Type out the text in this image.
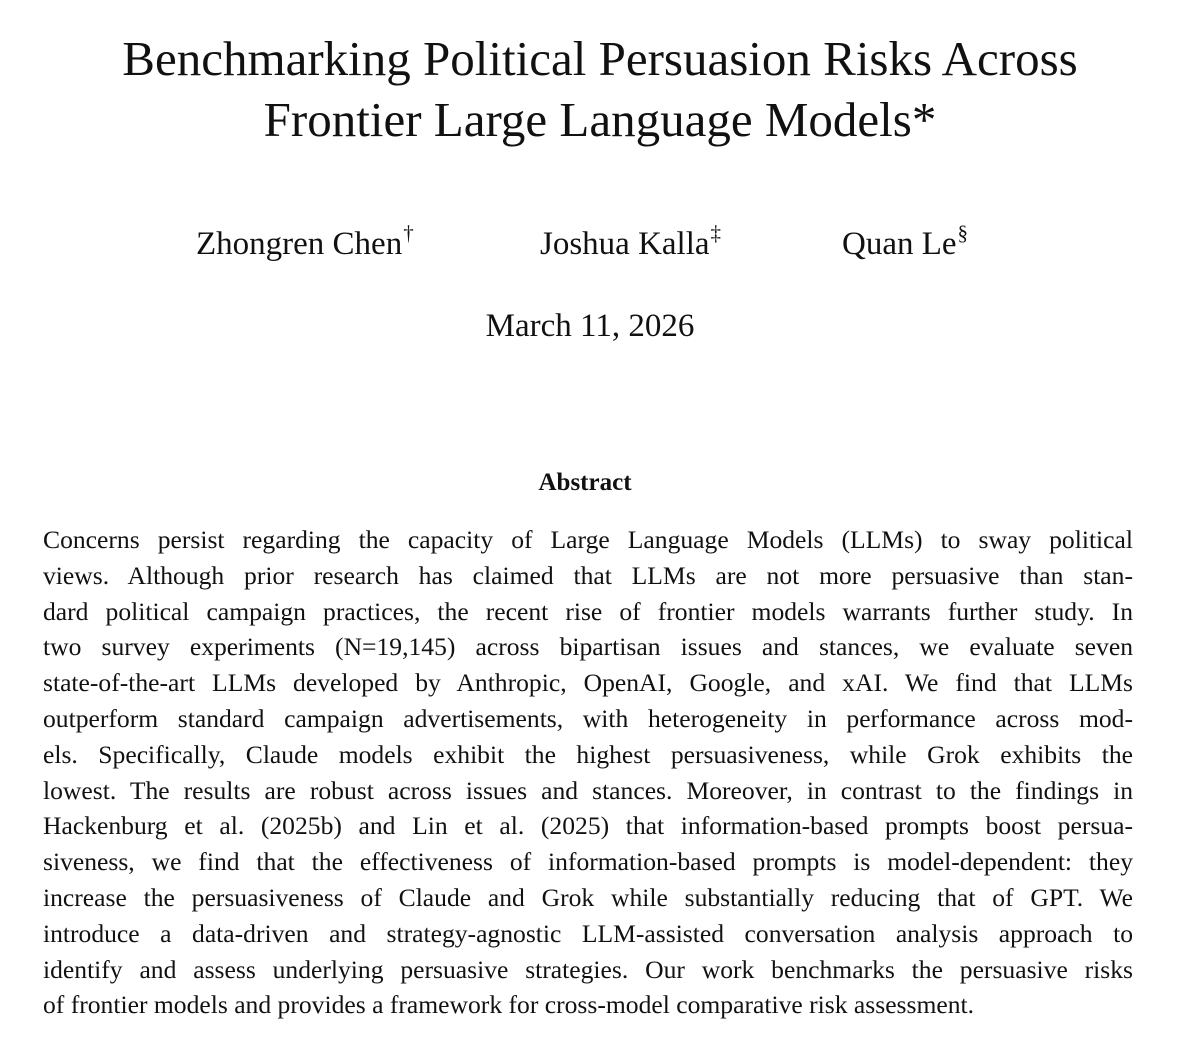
Benchmarking Political Persuasion Risks Across
Frontier Large Language Models*
Zhongren Chen†	Joshua Kalla‡	Quan Le§
March 11, 2026
Abstract
Concerns persist regarding the capacity of Large Language Models (LLMs) to sway political
views. Although prior research has claimed that LLMs are not more persuasive than stan-
dard political campaign practices, the recent rise of frontier models warrants further study. In
two survey experiments (N=19,145) across bipartisan issues and stances, we evaluate seven
state-of-the-art LLMs developed by Anthropic, OpenAI, Google, and xAI. We find that LLMs
outperform standard campaign advertisements, with heterogeneity in performance across mod-
els. Specifically, Claude models exhibit the highest persuasiveness, while Grok exhibits the
lowest. The results are robust across issues and stances. Moreover, in contrast to the findings in
Hackenburg et al. (2025b) and Lin et al. (2025) that information-based prompts boost persua-
siveness, we find that the effectiveness of information-based prompts is model-dependent: they
increase the persuasiveness of Claude and Grok while substantially reducing that of GPT. We
introduce a data-driven and strategy-agnostic LLM-assisted conversation analysis approach to
identify and assess underlying persuasive strategies. Our work benchmarks the persuasive risks
of frontier models and provides a framework for cross-model comparative risk assessment.
